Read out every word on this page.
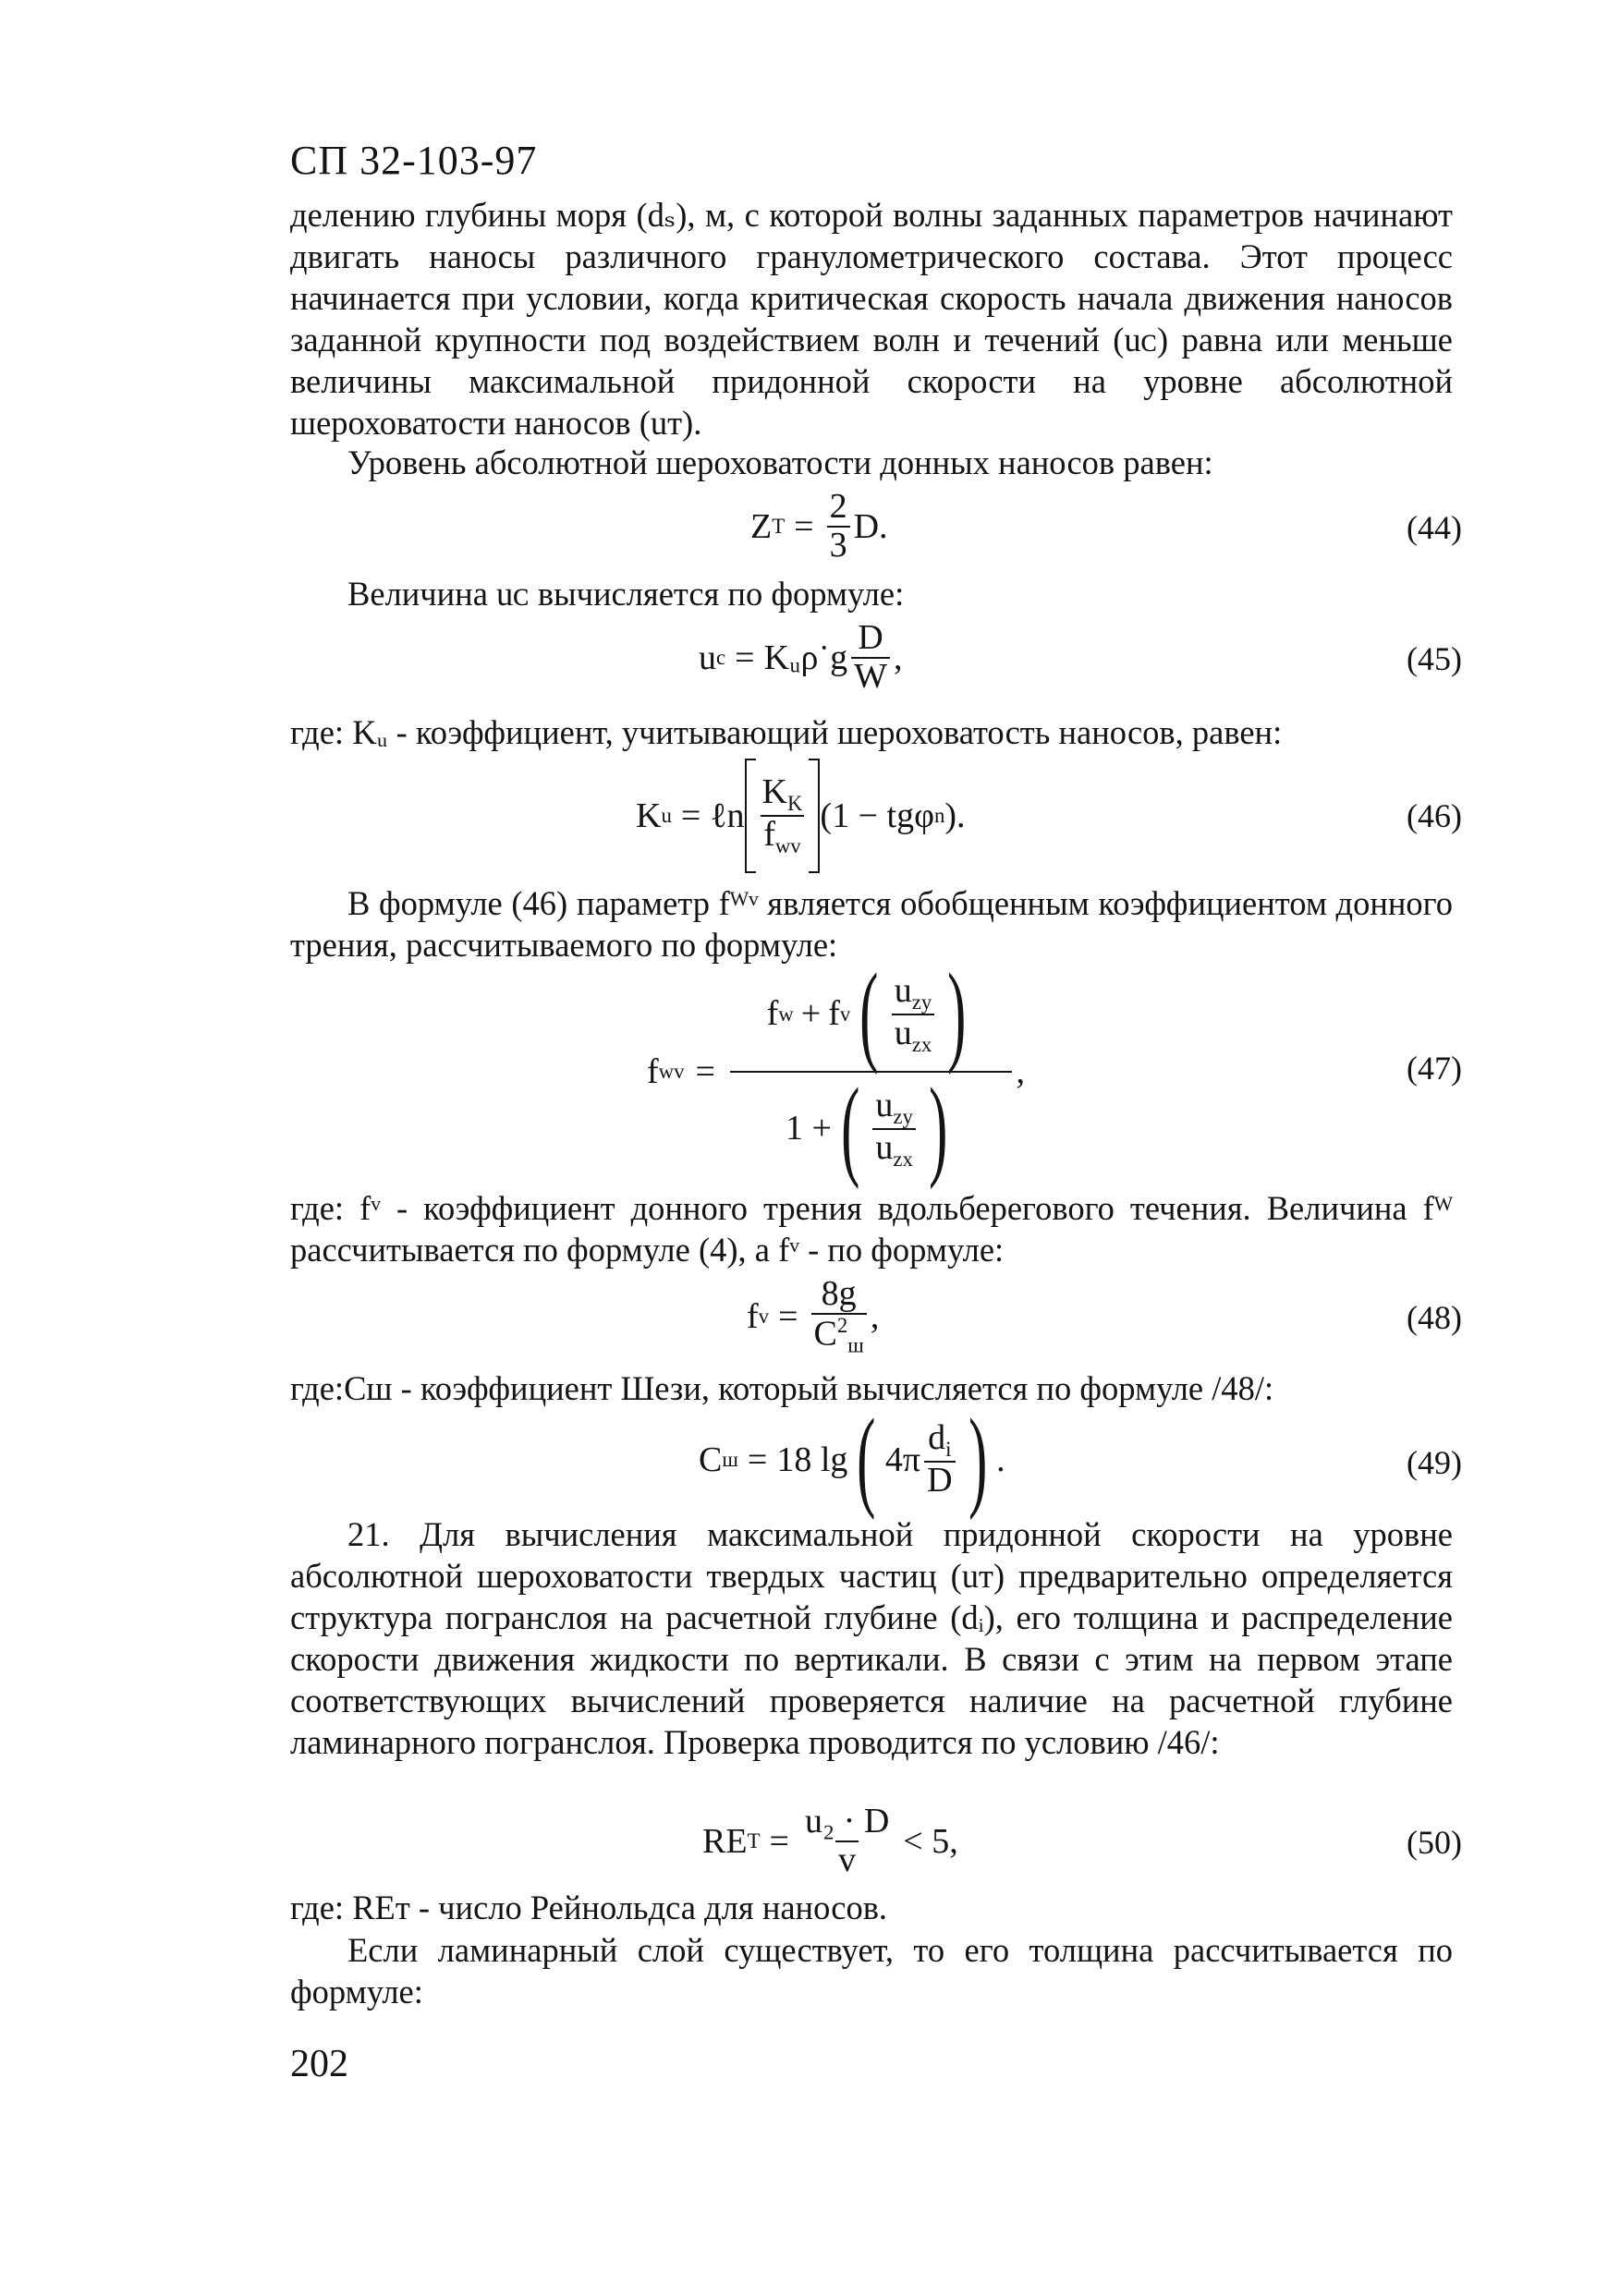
СП 32-103-97
делению глубины моря (dₛ), м, с которой волны заданных параметров начинают двигать наносы различного гранулометрического состава. Этот процесс начинается при условии, когда критическая скорость начала движения наносов заданной крупности под воздействием волн и течений (uᴄ) равна или меньше величины максимальной придонной скорости на уровне абсолютной шероховатости наносов (uᴛ).
Уровень абсолютной шероховатости донных наносов равен:
Z $T = \frac{2}{3} D$.	(44)
Величина uᴄ вычисляется по формуле:
u c = Kᵤρ˙g $\frac{D}{W}$ ,	(45)
где: Kᵤ - коэффициент, учитывающий шероховатость наносов, равен:
K u = ℓn $\frac{K_K}{f_{wv}} (1 - tg\varphi$ n ).	(46)
В формуле (46) параметр fᵂᵛ является обобщенным коэффициентом донного трения, рассчитываемого по формуле:
f wv =
f w + f v ( $\frac{u_{zy}}{u_{zx}}$ )
1 + ( $\frac{u_{zy}}{u_{zx}}$ ) ,	(47)
где: fᵛ - коэффициент донного трения вдольберегового течения. Величина fᵂ рассчитывается по формуле (4), а fᵛ - по формуле:
f $v = \frac{8g}{C^2_ш}$ ,	(48)
где:Cш - коэффициент Шези, который вычисляется по формуле /48/:
C ш = 18 lg ( $4\pi \frac{d_i}{D}$ ) .	(49)
21. Для вычисления максимальной придонной скорости на уровне абсолютной шероховатости твердых частиц (uᴛ) предварительно определяется структура погранслоя на расчетной глубине (dᵢ), его толщина и распределение скорости движения жидкости по вертикали. В связи с этим на первом этапе соответствующих вычислений проверяется наличие на расчетной глубине ламинарного погранслоя. Проверка проводится по условию /46/:
RE $T = \frac{\text{u₂ · D}}{v} < 5$,	(50)
где: REᴛ - число Рейнольдса для наносов.
Если ламинарный слой существует, то его толщина рассчитывается по формуле:
202
